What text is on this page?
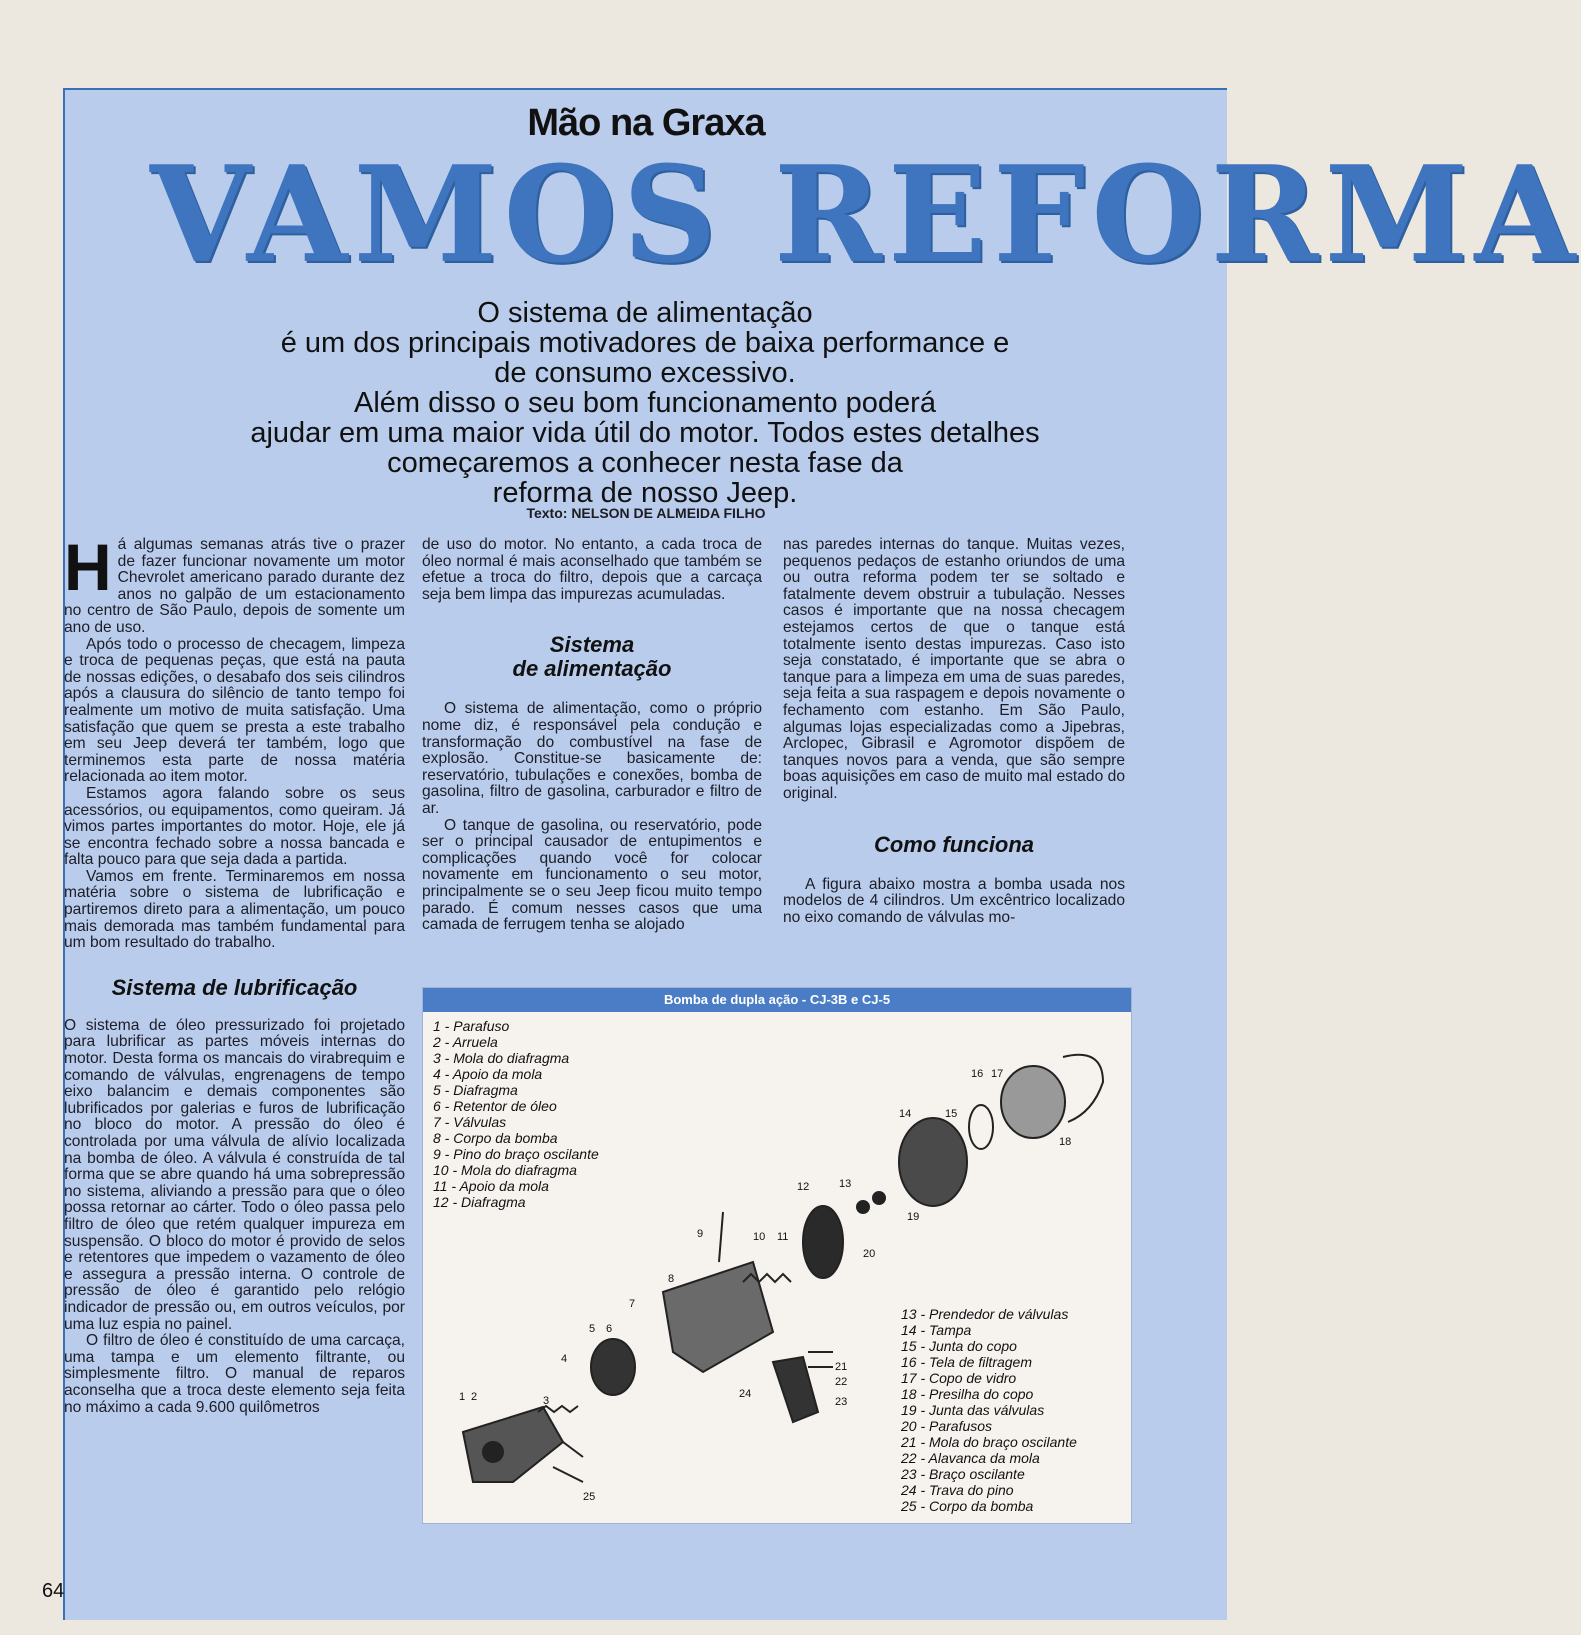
Mão na Graxa
VAMOS REFORMA
O sistema de alimentação
é um dos principais motivadores de baixa performance e
de consumo excessivo.
Além disso o seu bom funcionamento poderá
ajudar em uma maior vida útil do motor. Todos estes detalhes
começaremos a conhecer nesta fase da
reforma de nosso Jeep.
Texto: NELSON DE ALMEIDA FILHO

Há algumas semanas atrás tive o prazer de fazer funcionar novamente um motor Chevrolet americano parado durante dez anos no galpão de um estacionamento no centro de São Paulo, depois de somente um ano de uso.

Após todo o processo de checagem, limpeza e troca de pequenas peças, que está na pauta de nossas edições, o desabafo dos seis cilindros após a clausura do silêncio de tanto tempo foi realmente um motivo de muita satisfação. Uma satisfação que quem se presta a este trabalho em seu Jeep deverá ter também, logo que terminemos esta parte de nossa matéria relacionada ao item motor.

Estamos agora falando sobre os seus acessórios, ou equipamentos, como queiram. Já vimos partes importantes do motor. Hoje, ele já se encontra fechado sobre a nossa bancada e falta pouco para que seja dada a partida.

Vamos em frente. Terminaremos em nossa matéria sobre o sistema de lubrificação e partiremos direto para a alimentação, um pouco mais demorada mas também fundamental para um bom resultado do trabalho.

Sistema de lubrificação

O sistema de óleo pressurizado foi projetado para lubrificar as partes móveis internas do motor. Desta forma os mancais do virabrequim e comando de válvulas, engrenagens de tempo eixo balancim e demais componentes são lubrificados por galerias e furos de lubrificação no bloco do motor. A pressão do óleo é controlada por uma válvula de alívio localizada na bomba de óleo. A válvula é construída de tal forma que se abre quando há uma sobrepressão no sistema, aliviando a pressão para que o óleo possa retornar ao cárter. Todo o óleo passa pelo filtro de óleo que retém qualquer impureza em suspensão. O bloco do motor é provido de selos e retentores que impedem o vazamento de óleo e assegura a pressão interna. O controle de pressão de óleo é garantido pelo relógio indicador de pressão ou, em outros veículos, por uma luz espia no painel.

O filtro de óleo é constituído de uma carcaça, uma tampa e um elemento filtrante, ou simplesmente filtro. O manual de reparos aconselha que a troca deste elemento seja feita no máximo a cada 9.600 quilômetros

de uso do motor. No entanto, a cada troca de óleo normal é mais aconselhado que também se efetue a troca do filtro, depois que a carcaça seja bem limpa das impurezas acumuladas.

Sistema

de alimentação

O sistema de alimentação, como o próprio nome diz, é responsável pela condução e transformação do combustível na fase de explosão. Constitue-se basicamente de: reservatório, tubulações e conexões, bomba de gasolina, filtro de gasolina, carburador e filtro de ar.

O tanque de gasolina, ou reservatório, pode ser o principal causador de entupimentos e complicações quando você for colocar novamente em funcionamento o seu motor, principalmente se o seu Jeep ficou muito tempo parado. É comum nesses casos que uma camada de ferrugem tenha se alojado

nas paredes internas do tanque. Muitas vezes, pequenos pedaços de estanho oriundos de uma ou outra reforma podem ter se soltado e fatalmente devem obstruir a tubulação. Nesses casos é importante que na nossa checagem estejamos certos de que o tanque está totalmente isento destas impurezas. Caso isto seja constatado, é importante que se abra o tanque para a limpeza em uma de suas paredes, seja feita a sua raspagem e depois novamente o fechamento com estanho. Em São Paulo, algumas lojas especializadas como a Jipebras, Arclopec, Gibrasil e Agromotor dispõem de tanques novos para a venda, que são sempre boas aquisições em caso de muito mal estado do original.

Como funciona

A figura abaixo mostra a bomba usada nos modelos de 4 cilindros. Um excêntrico localizado no eixo comando de válvulas mo-

Bomba de dupla ação - CJ-3B e CJ-5
1 2	3
4
5 6
7
8
9	10 11
12	13
14	15
16 17
18
19
20
21
22
23
24
25
1 - Parafuso
2 - Arruela
3 - Mola do diafragma
4 - Apoio da mola
5 - Diafragma
6 - Retentor de óleo
7 - Válvulas
8 - Corpo da bomba
9 - Pino do braço oscilante
10 - Mola do diafragma
11 - Apoio da mola
12 - Diafragma
13 - Prendedor de válvulas
14 - Tampa
15 - Junta do copo
16 - Tela de filtragem
17 - Copo de vidro
18 - Presilha do copo
19 - Junta das válvulas
20 - Parafusos
21 - Mola do braço oscilante
22 - Alavanca da mola
23 - Braço oscilante
24 - Trava do pino
25 - Corpo da bomba
64
